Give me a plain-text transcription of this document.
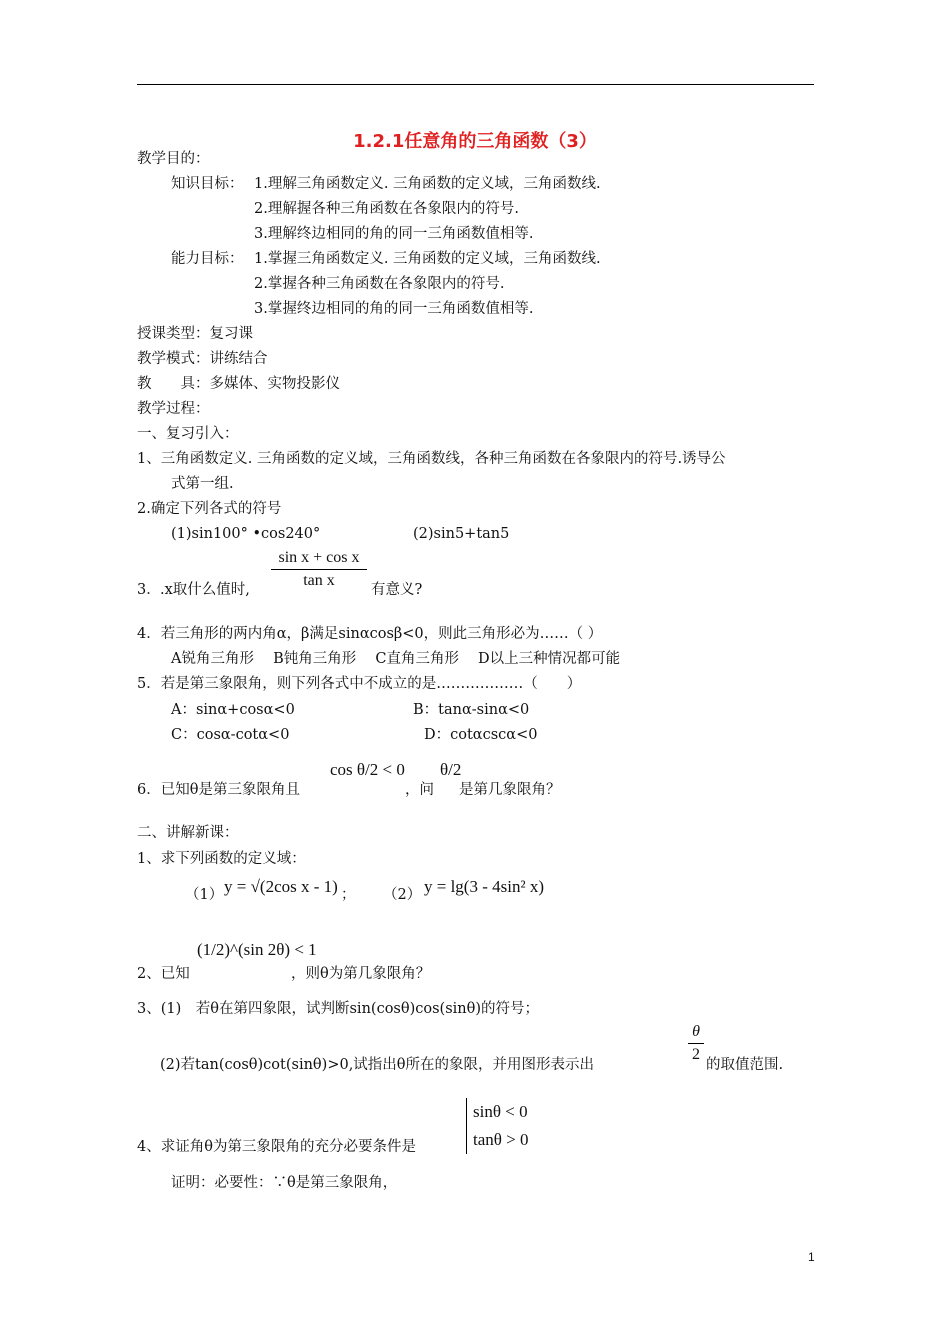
1.2.1任意角的三角函数（3）
教学目的：
知识目标： 1.理解三角函数定义. 三角函数的定义域，三角函数线.
2.理解握各种三角函数在各象限内的符号.
3.理解终边相同的角的同一三角函数值相等.
能力目标： 1.掌握三角函数定义. 三角函数的定义域，三角函数线.
2.掌握各种三角函数在各象限内的符号.
3.掌握终边相同的角的同一三角函数值相等.
授课类型：复习课
教学模式：讲练结合
教　　具：多媒体、实物投影仪
教学过程：
一、复习引入：
1、三角函数定义. 三角函数的定义域，三角函数线，各种三角函数在各象限内的符号.诱导公
式第一组.
2.确定下列各式的符号
(1)sin100° •cos240°	(2)sin5+tan5
sin x + cos x
tan x
3． .x取什么值时,	有意义?
4．若三角形的两内角α，β满足sinαcosβ<0，则此三角形必为……（ ）
A锐角三角形　 B钝角三角形　 C直角三角形　 D以上三种情况都可能
5．若是第三象限角，则下列各式中不成立的是………………（　　）
A：sinα+cosα<0	B：tanα-sinα<0
C：cosα-cotα<0	D：cotαcscα<0
cos θ/2 < 0
6．已知θ是第三象限角且	，问
θ/2
是第几象限角？
二、讲解新课：
1、求下列函数的定义域：
（1） y = √(2cos x - 1) ； （2） y = lg(3 - 4sin² x)
(1/2)^(sin 2θ) < 1
2、已知	，则θ为第几象限角？
3、(1)　若θ在第四象限，试判断sin(cosθ)cos(sinθ)的符号；
θ
2
(2)若tan(cosθ)cot(sinθ)>0,试指出θ所在的象限，并用图形表示出	的取值范围.
sinθ < 0
tanθ > 0
4、求证角θ为第三象限角的充分必要条件是
证明：必要性：∵θ是第三象限角，
1
